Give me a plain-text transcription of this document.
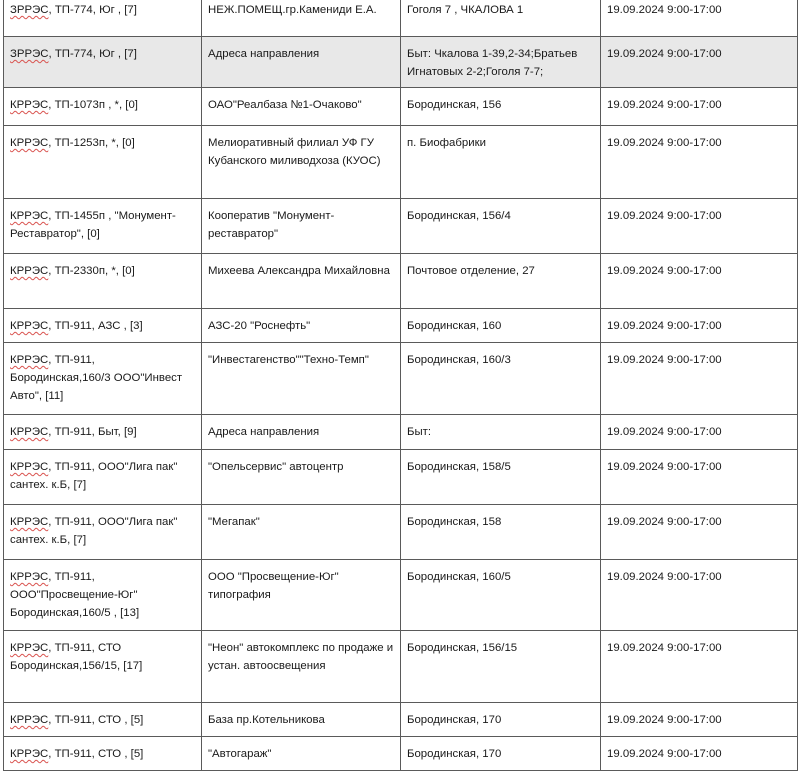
ЗРРЭС, ТП-774, Юг , [7]	НЕЖ.ПОМЕЩ.гр.Камениди Е.А.	Гоголя 7 , ЧКАЛОВА 1	19.09.2024 9:00-17:00
ЗРРЭС, ТП-774, Юг , [7]	Адреса направления	Быт: Чкалова 1-39,2-34;Братьев Игнатовых 2-2;Гоголя 7-7;	19.09.2024 9:00-17:00
КРРЭС, ТП-1073п , *, [0]	ОАО"Реалбаза №1-Очаково"	Бородинская, 156	19.09.2024 9:00-17:00
КРРЭС, ТП-1253п, *, [0]	Мелиоративный филиал УФ ГУ Кубанского миливодхоза (КУОС)	п. Биофабрики	19.09.2024 9:00-17:00
КРРЭС, ТП-1455п , "Монумент-Реставратор", [0]	Кооператив "Монумент-реставратор"	Бородинская, 156/4	19.09.2024 9:00-17:00
КРРЭС, ТП-2330п, *, [0]	Михеева Александра Михайловна	Почтовое отделение, 27	19.09.2024 9:00-17:00
КРРЭС, ТП-911, АЗС , [3]	АЗС-20 "Роснефть"	Бородинская, 160	19.09.2024 9:00-17:00
КРРЭС, ТП-911, Бородинская,160/3 ООО"Инвест Авто", [11]	"Инвестагенство""Техно-Темп"	Бородинская, 160/3	19.09.2024 9:00-17:00
КРРЭС, ТП-911, Быт, [9]	Адреса направления	Быт:	19.09.2024 9:00-17:00
КРРЭС, ТП-911, ООО"Лига пак" сантех. к.Б, [7]	"Опельсервис" автоцентр	Бородинская, 158/5	19.09.2024 9:00-17:00
КРРЭС, ТП-911, ООО"Лига пак" сантех. к.Б, [7]	"Мегапак"	Бородинская, 158	19.09.2024 9:00-17:00
КРРЭС, ТП-911, ООО"Просвещение-Юг" Бородинская,160/5 , [13]	ООО "Просвещение-Юг" типография	Бородинская, 160/5	19.09.2024 9:00-17:00
КРРЭС, ТП-911, СТО Бородинская,156/15, [17]	"Неон" автокомплекс по продаже и устан. автоосвещения	Бородинская, 156/15	19.09.2024 9:00-17:00
КРРЭС, ТП-911, СТО , [5]	База пр.Котельникова	Бородинская, 170	19.09.2024 9:00-17:00
КРРЭС, ТП-911, СТО , [5]	"Автогараж"	Бородинская, 170	19.09.2024 9:00-17:00
